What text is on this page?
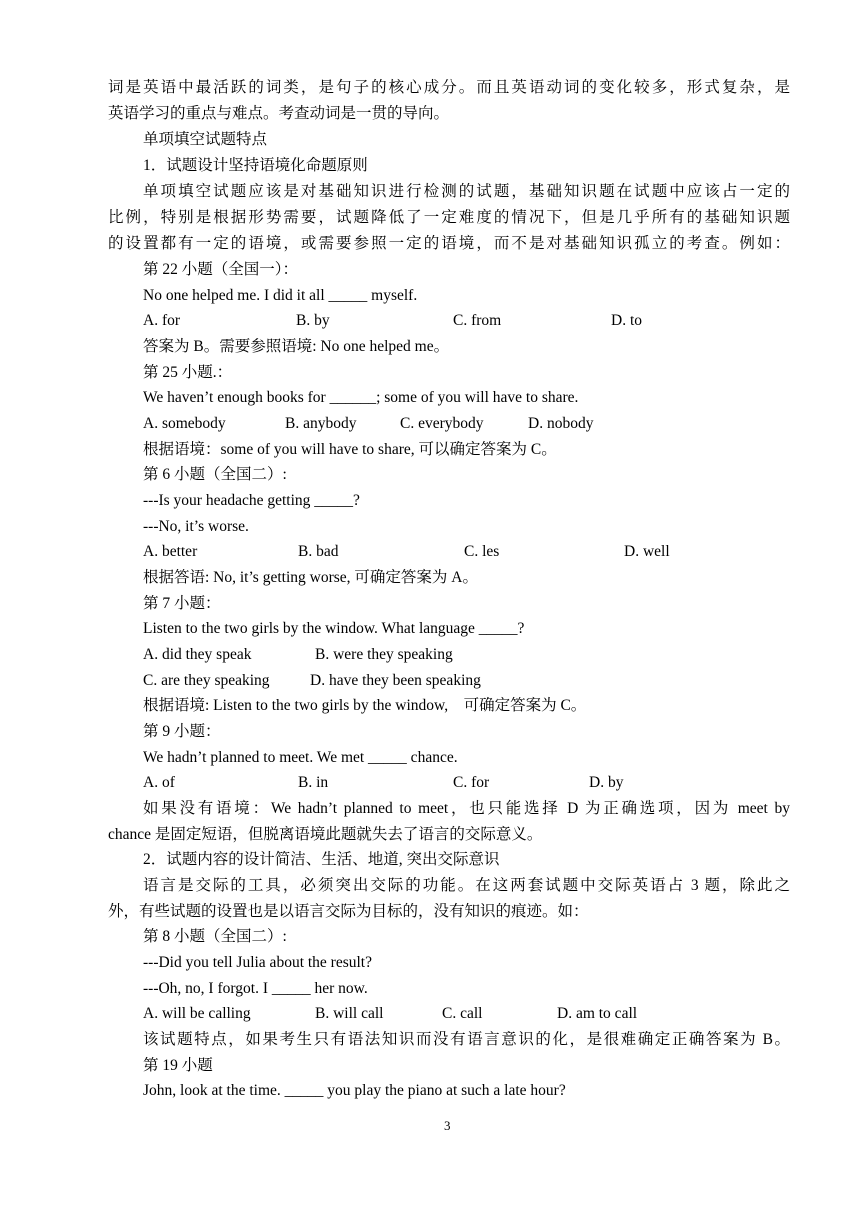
词是英语中最活跃的词类，是句子的核心成分。而且英语动词的变化较多，形式复杂，是
英语学习的重点与难点。考查动词是一贯的导向。
单项填空试题特点
1．试题设计坚持语境化命题原则
单项填空试题应该是对基础知识进行检测的试题，基础知识题在试题中应该占一定的
比例，特别是根据形势需要，试题降低了一定难度的情况下，但是几乎所有的基础知识题
的设置都有一定的语境，或需要参照一定的语境，而不是对基础知识孤立的考查。例如：
第 22 小题（全国一）：
No one helped me. I did it all _____ myself.
A. for	B. by	C. from	D. to
答案为 B。需要参照语境: No one helped me。
第 25 小题.：
We haven’t enough books for ______; some of you will have to share.
A. somebody	B. anybody	C. everybody	D. nobody
根据语境：some of you will have to share, 可以确定答案为 C。
第 6 小题（全国二）:
---Is your headache getting _____?
---No, it’s worse.
A. better	B. bad	C. les	D. well
根据答语: No, it’s getting worse, 可确定答案为 A。
第 7 小题：
Listen to the two girls by the window. What language _____?
A. did they speak	B. were they speaking
C. are they speaking	D. have they been speaking
根据语境: Listen to the two girls by the window,    可确定答案为 C。
第 9 小题：
We hadn’t planned to meet. We met _____ chance.
A. of	B. in	C. for	D. by
如果没有语境：We hadn’t planned to meet，也只能选择 D 为正确选项，因为 meet by
chance 是固定短语，但脱离语境此题就失去了语言的交际意义。
2．试题内容的设计简洁、生活、地道, 突出交际意识
语言是交际的工具，必须突出交际的功能。在这两套试题中交际英语占 3 题，除此之
外，有些试题的设置也是以语言交际为目标的，没有知识的痕迹。如：
第 8 小题（全国二）:
---Did you tell Julia about the result?
---Oh, no, I forgot. I _____ her now.
A. will be calling	B. will call	C. call	D. am to call
该试题特点，如果考生只有语法知识而没有语言意识的化，是很难确定正确答案为 B。
第 19 小题
John, look at the time. _____ you play the piano at such a late hour?
3
